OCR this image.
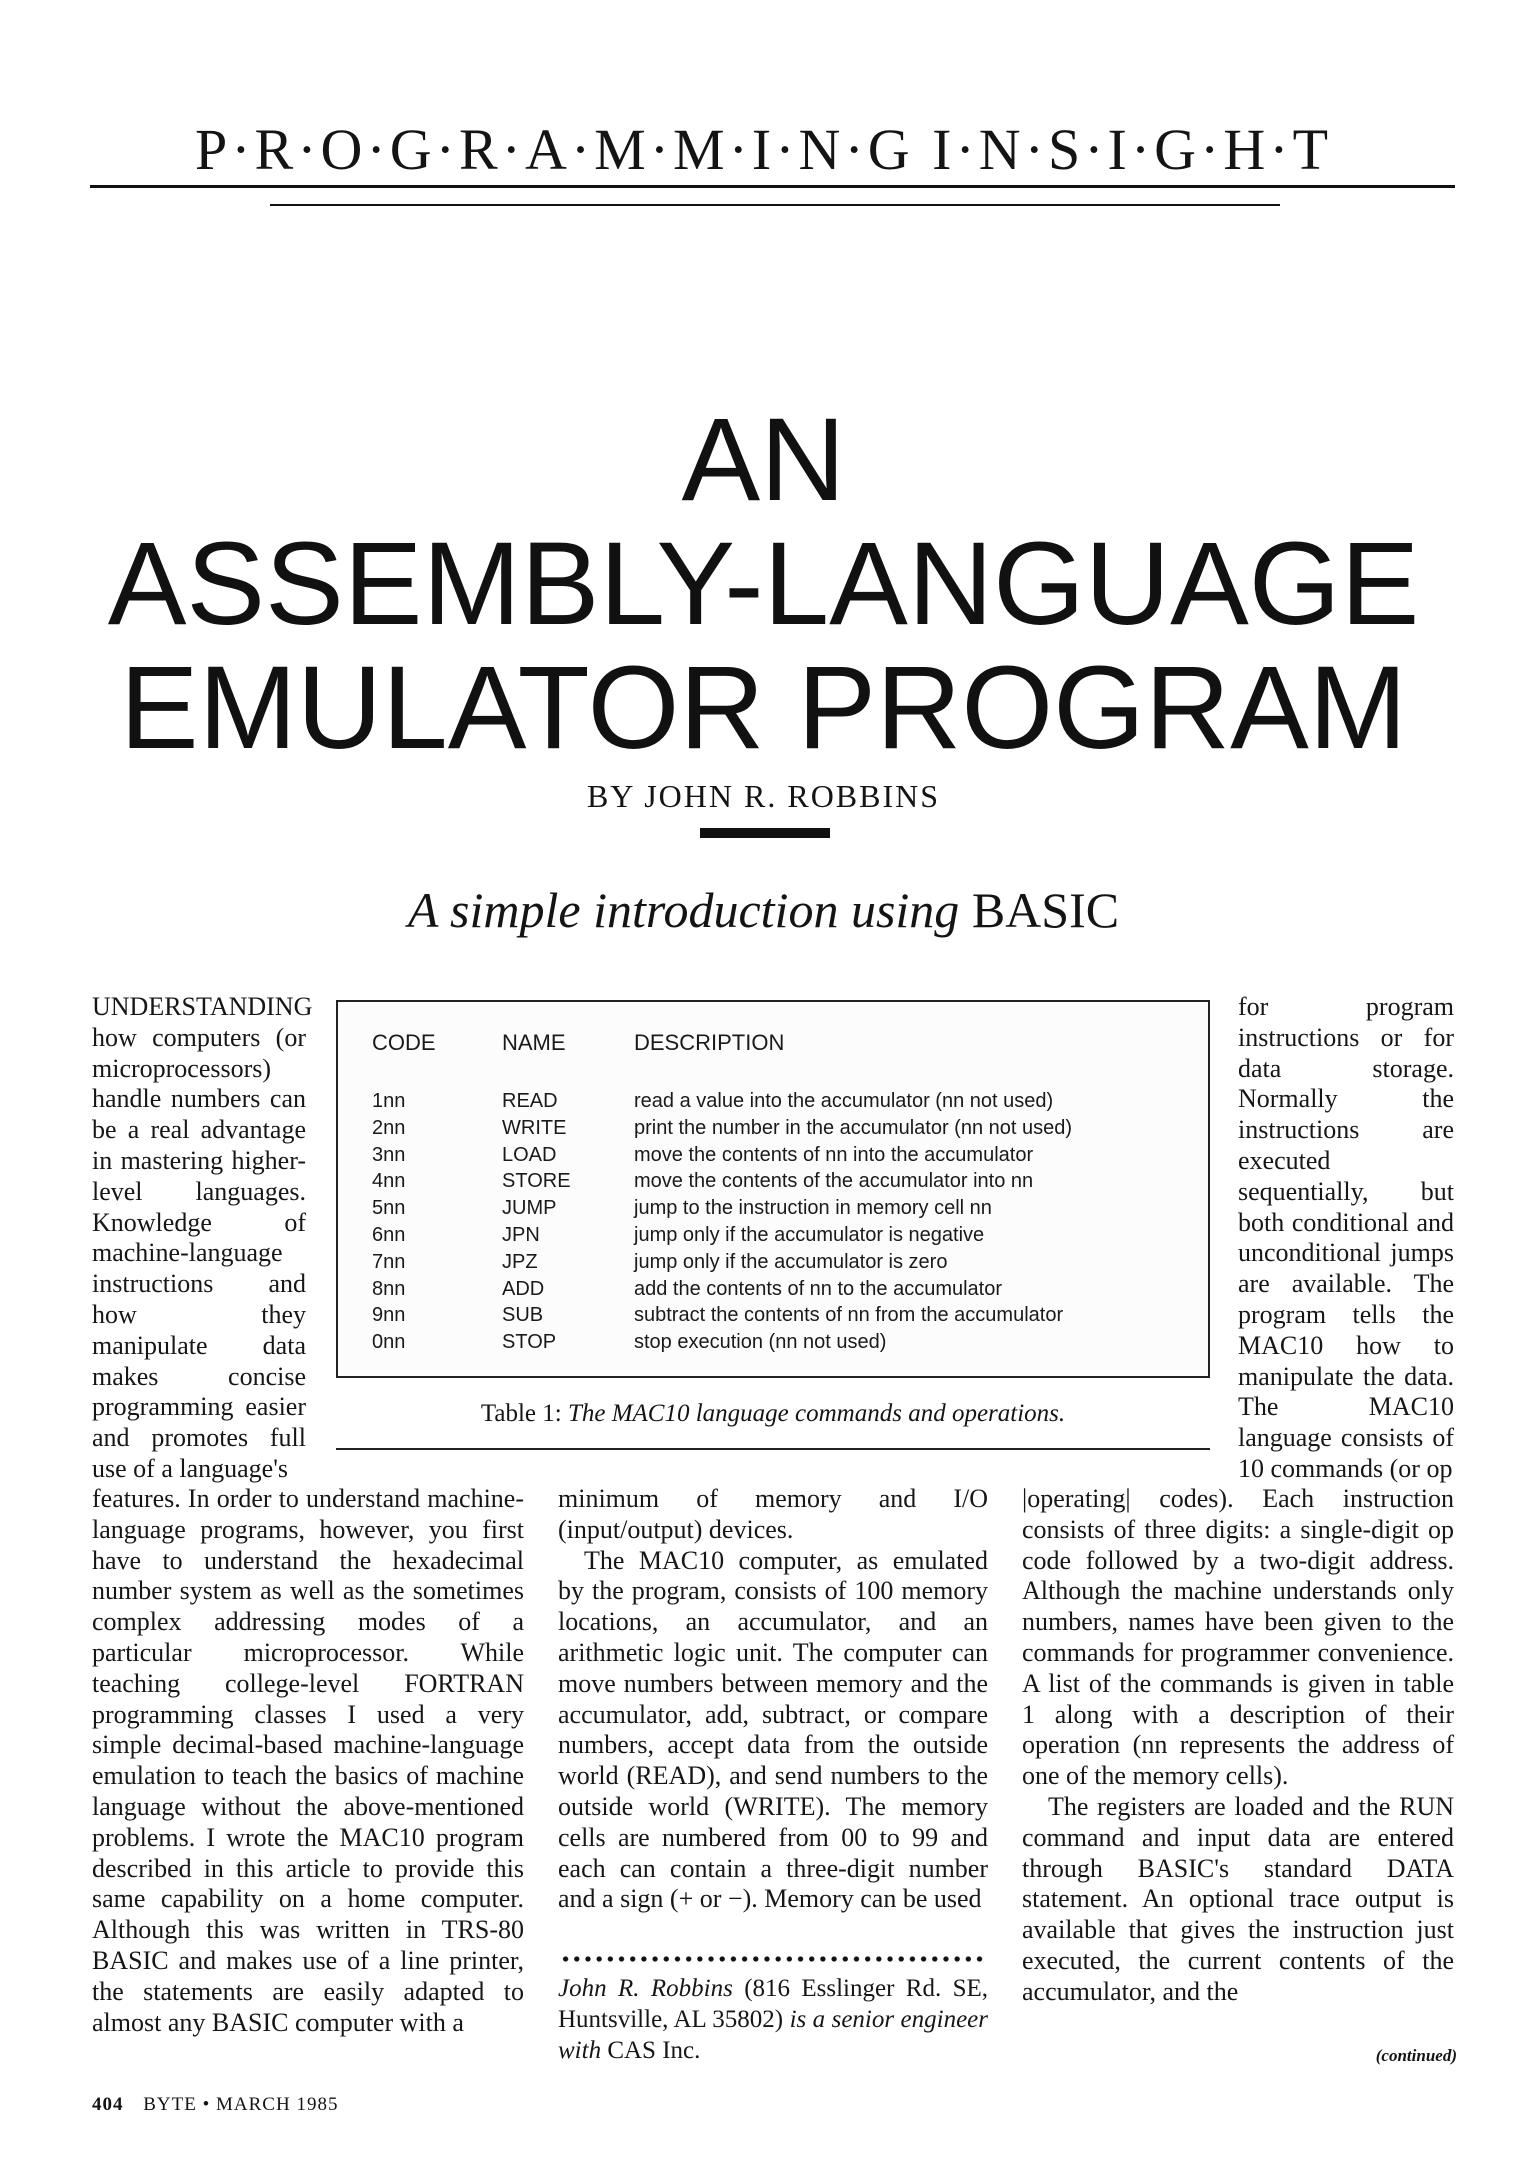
P·R·O·G·R·A·M·M·I·N·G I·N·S·I·G·H·T
AN
ASSEMBLY-LANGUAGE
EMULATOR PROGRAM
BY JOHN R. ROBBINS
A simple introduction using BASIC

UNDERSTANDING how computers (or microprocessors) handle numbers can be a real advantage in mastering higher-level languages. Knowledge of machine-language instructions and how they manipulate data makes concise programming easier and promotes full use of a language's

CODE	NAME	DESCRIPTION
1nn	READ	read a value into the accumulator (nn not used)
2nn	WRITE	print the number in the accumulator (nn not used)
3nn	LOAD	move the contents of nn into the accumulator
4nn	STORE	move the contents of the accumulator into nn
5nn	JUMP	jump to the instruction in memory cell nn
6nn	JPN	jump only if the accumulator is negative
7nn	JPZ	jump only if the accumulator is zero
8nn	ADD	add the contents of nn to the accumulator
9nn	SUB	subtract the contents of nn from the accumulator
0nn	STOP	stop execution (nn not used)
Table 1: The MAC10 language commands and operations.

for program instructions or for data storage. Normally the instructions are executed sequentially, but both conditional and unconditional jumps are available. The program tells the MAC10 how to manipulate the data. The MAC10 language consists of 10 commands (or op

features. In order to understand machine-language programs, however, you first have to understand the hexadecimal number system as well as the sometimes complex addressing modes of a particular microprocessor. While teaching college-level FORTRAN programming classes I used a very simple decimal-based machine-language emulation to teach the basics of machine language without the above-mentioned problems. I wrote the MAC10 program described in this article to provide this same capability on a home computer. Although this was written in TRS-80 BASIC and makes use of a line printer, the statements are easily adapted to almost any BASIC computer with a

minimum of memory and I/O (input/output) devices.

The MAC10 computer, as emulated by the program, consists of 100 memory locations, an accumulator, and an arithmetic logic unit. The computer can move numbers between memory and the accumulator, add, subtract, or compare numbers, accept data from the outside world (READ), and send numbers to the outside world (WRITE). The memory cells are numbered from 00 to 99 and each can contain a three-digit number and a sign (+ or −). Memory can be used

John R. Robbins (816 Esslinger Rd. SE, Huntsville, AL 35802) is a senior engineer with CAS Inc.

|operating| codes). Each instruction consists of three digits: a single-digit op code followed by a two-digit address. Although the machine understands only numbers, names have been given to the commands for programmer convenience. A list of the commands is given in table 1 along with a description of their operation (nn represents the address of one of the memory cells).

The registers are loaded and the RUN command and input data are entered through BASIC's standard DATA statement. An optional trace output is available that gives the instruction just executed, the current contents of the accumulator, and the

(continued)
404 BYTE • MARCH 1985
